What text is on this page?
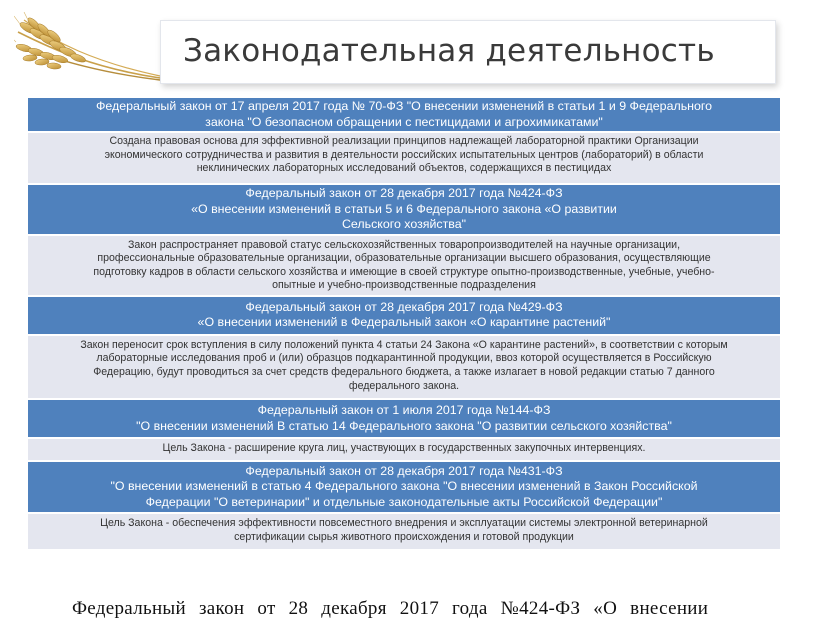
Законодательная деятельность
Федеральный закон от 17 апреля 2017 года № 70-ФЗ "О внесении изменений в статьи 1 и 9 Федерального
закона "О безопасном обращении с пестицидами и агрохимикатами"
Создана правовая основа для эффективной реализации принципов надлежащей лабораторной практики Организации
экономического сотрудничества и развития в деятельности российских испытательных центров (лабораторий) в области
неклинических лабораторных исследований объектов, содержащихся в пестицидах
Федеральный закон от 28 декабря 2017 года №424-ФЗ
«О внесении изменений в статьи 5 и 6 Федерального закона «О развитии
Сельского хозяйства"
Закон распространяет правовой статус сельскохозяйственных товаропроизводителей на научные организации,
профессиональные образовательные организации, образовательные организации высшего образования, осуществляющие
подготовку кадров в области сельского хозяйства и имеющие в своей структуре опытно-производственные, учебные, учебно-
опытные и учебно-производственные подразделения
Федеральный закон от 28 декабря 2017 года №429-ФЗ
«О внесении изменений в Федеральный закон «О карантине растений"
Закон переносит срок вступления в силу положений пункта 4 статьи 24 Закона «О карантине растений», в соответствии с которым
лабораторные исследования проб и (или) образцов подкарантинной продукции, ввоз которой осуществляется в Российскую
Федерацию, будут проводиться за счет средств федерального бюджета, а также излагает в новой редакции статью 7 данного
федерального закона.
Федеральный закон от 1 июля 2017 года №144-ФЗ
"О внесении изменений В статью 14 Федерального закона "О развитии сельского хозяйства"
Цель Закона - расширение круга лиц, участвующих в государственных закупочных интервенциях.
Федеральный закон от 28 декабря 2017 года №431-ФЗ
"О внесении изменений в статью 4 Федерального закона "О внесении изменений в Закон Российской
Федерации "О ветеринарии" и отдельные законодательные акты Российской Федерации"
Цель Закона - обеспечения эффективности повсеместного внедрения и эксплуатации системы электронной ветеринарной
сертификации сырья животного происхождения и готовой продукции
Федеральный закон от 28 декабря 2017 года №424-ФЗ «О внесении
